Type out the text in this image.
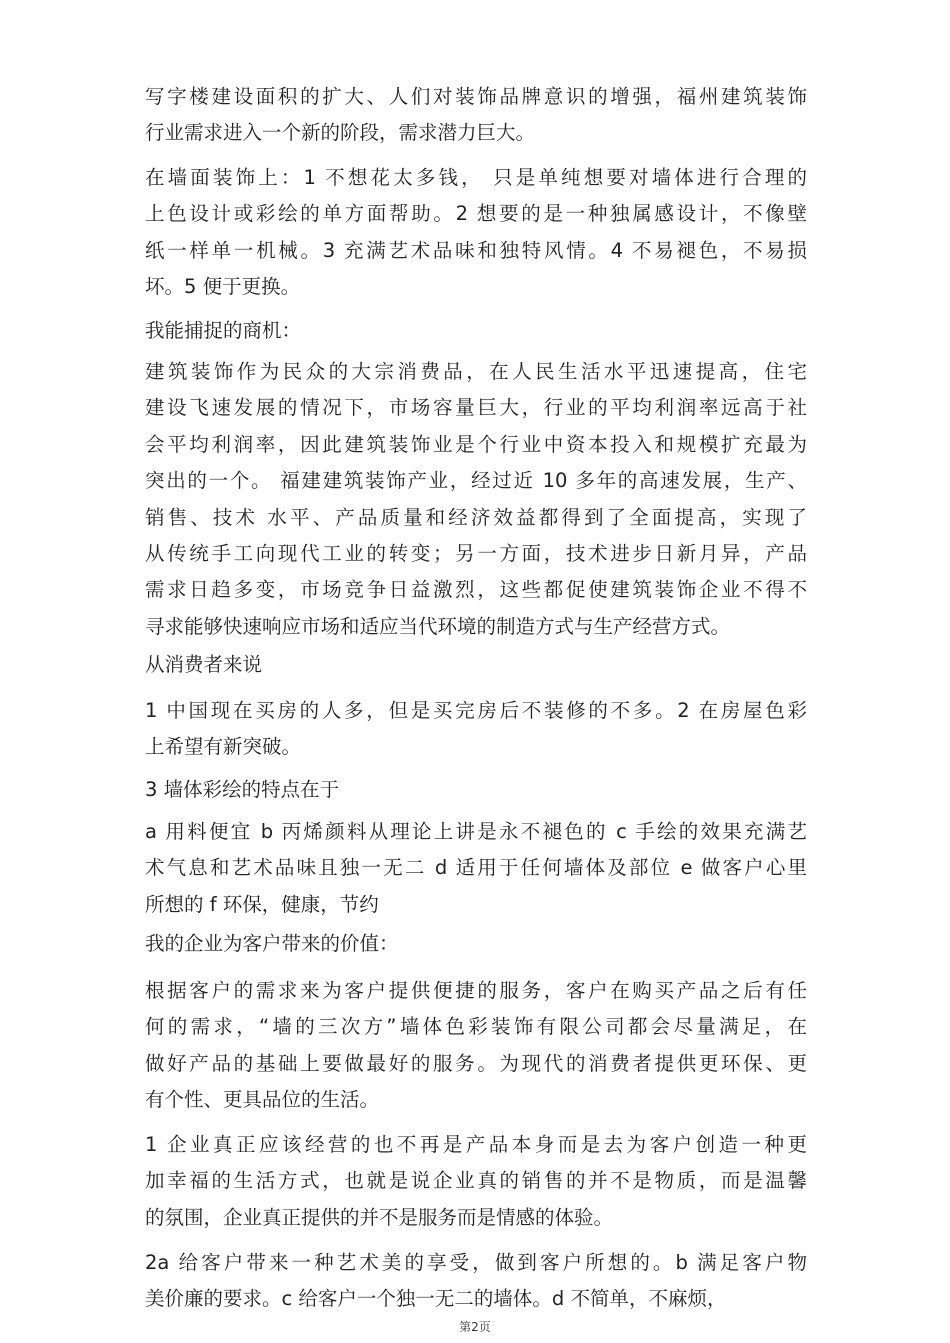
写字楼建设面积的扩大、人们对装饰品牌意识的增强，福州建筑装饰
行业需求进入一个新的阶段，需求潜力巨大。
在墙面装饰上：1 不想花太多钱， 只是单纯想要对墙体进行合理的
上色设计或彩绘的单方面帮助。2 想要的是一种独属感设计，不像壁
纸一样单一机械。3 充满艺术品味和独特风情。4 不易褪色，不易损
坏。5 便于更换。
我能捕捉的商机：
建筑装饰作为民众的大宗消费品，在人民生活水平迅速提高，住宅
建设飞速发展的情况下，市场容量巨大，行业的平均利润率远高于社
会平均利润率，因此建筑装饰业是个行业中资本投入和规模扩充最为
突出的一个。 福建建筑装饰产业，经过近 10 多年的高速发展，生产、
销售、技术 水平、产品质量和经济效益都得到了全面提高，实现了
从传统手工向现代工业的转变；另一方面，技术进步日新月异，产品
需求日趋多变，市场竞争日益激烈，这些都促使建筑装饰企业不得不
寻求能够快速响应市场和适应当代环境的制造方式与生产经营方式。
从消费者来说
1 中国现在买房的人多，但是买完房后不装修的不多。2 在房屋色彩
上希望有新突破。
3 墙体彩绘的特点在于
a 用料便宜 b 丙烯颜料从理论上讲是永不褪色的 c 手绘的效果充满艺
术气息和艺术品味且独一无二 d 适用于任何墙体及部位 e 做客户心里
所想的 f 环保，健康，节约
我的企业为客户带来的价值：
根据客户的需求来为客户提供便捷的服务，客户在购买产品之后有任
何的需求，“墙的三次方”墙体色彩装饰有限公司都会尽量满足，在
做好产品的基础上要做最好的服务。为现代的消费者提供更环保、更
有个性、更具品位的生活。
1 企业真正应该经营的也不再是产品本身而是去为客户创造一种更
加幸福的生活方式，也就是说企业真的销售的并不是物质，而是温馨
的氛围，企业真正提供的并不是服务而是情感的体验。
2a 给客户带来一种艺术美的享受，做到客户所想的。b 满足客户物
美价廉的要求。c 给客户一个独一无二的墙体。d 不简单，不麻烦，
第2页
